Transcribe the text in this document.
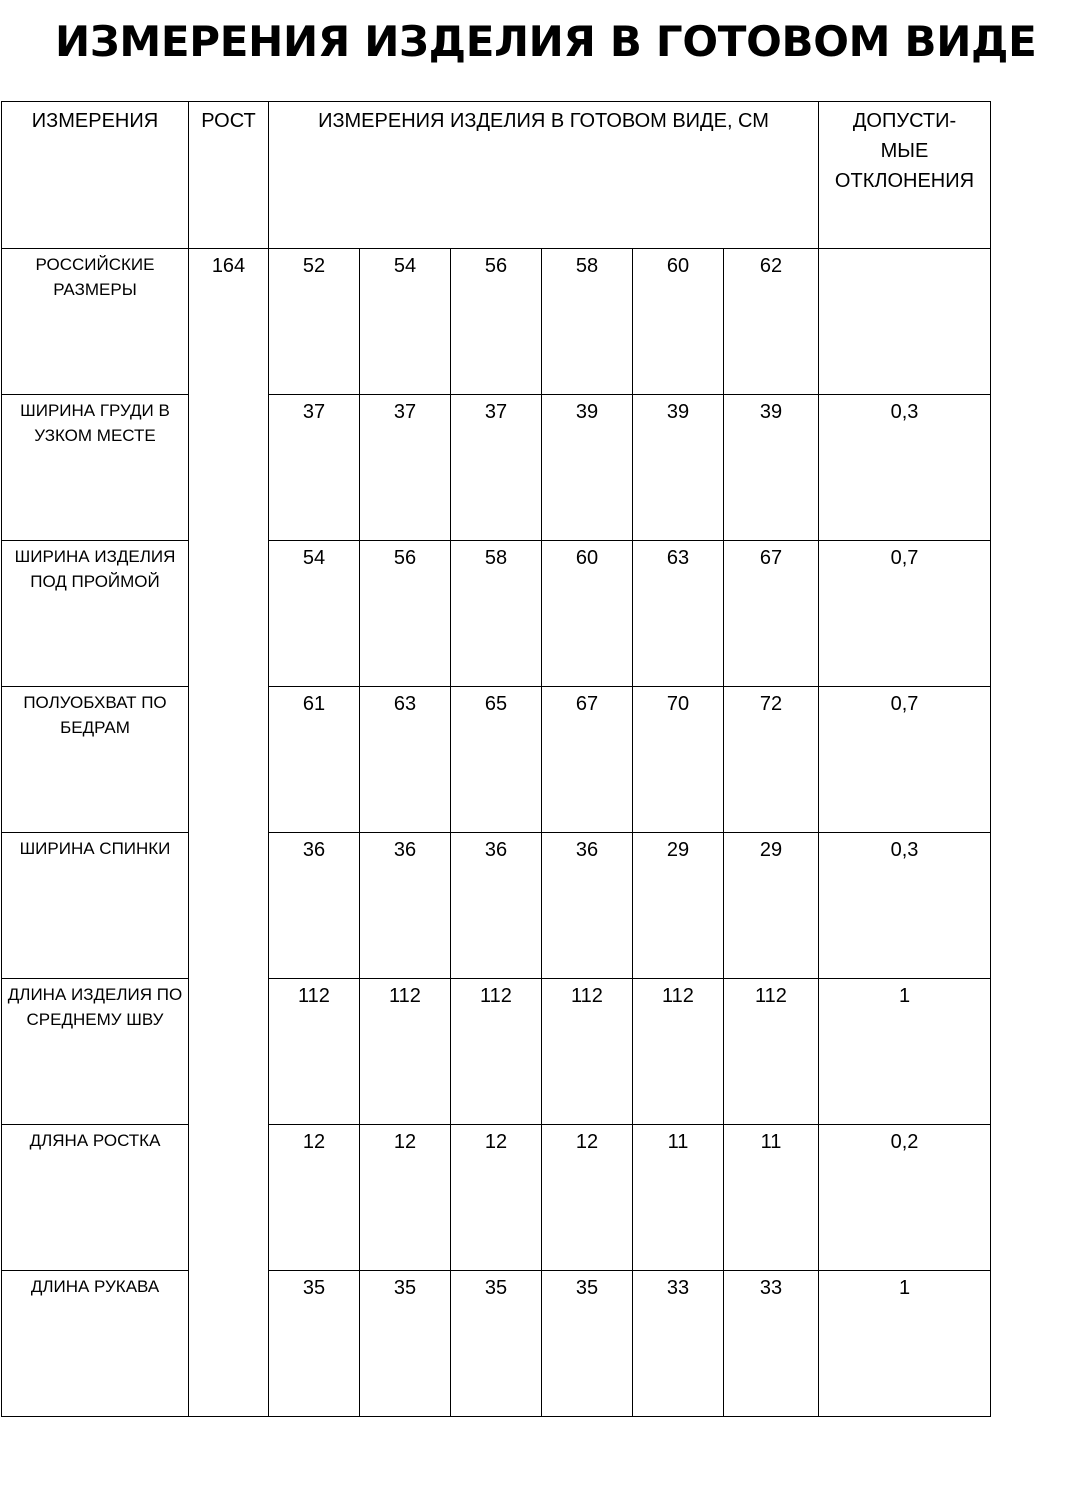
ИЗМЕРЕНИЯ ИЗДЕЛИЯ В ГОТОВОМ ВИДЕ
ИЗМЕРЕНИЯ	РОСТ	ИЗМЕРЕНИЯ ИЗДЕЛИЯ В ГОТОВОМ ВИДЕ, СМ						ДОПУСТИ-
МЫЕ
ОТКЛОНЕНИЯ

РОССИЙСКИЕ РАЗМЕРЫ	164	52	54	56	58	60	62	

ШИРИНА ГРУДИ В УЗКОМ МЕСТЕ		37	37	37	39	39	39	0,3

ШИРИНА ИЗДЕЛИЯ ПОД ПРОЙМОЙ		54	56	58	60	63	67	0,7

ПОЛУОБХВАТ ПО БЕДРАМ		61	63	65	67	70	72	0,7

ШИРИНА СПИНКИ		36	36	36	36	29	29	0,3

ДЛИНА ИЗДЕЛИЯ ПО СРЕДНЕМУ ШВУ		112	112	112	112	112	112	1

ДЛЯНА РОСТКА		12	12	12	12	11	11	0,2

ДЛИНА РУКАВА		35	35	35	35	33	33	1
